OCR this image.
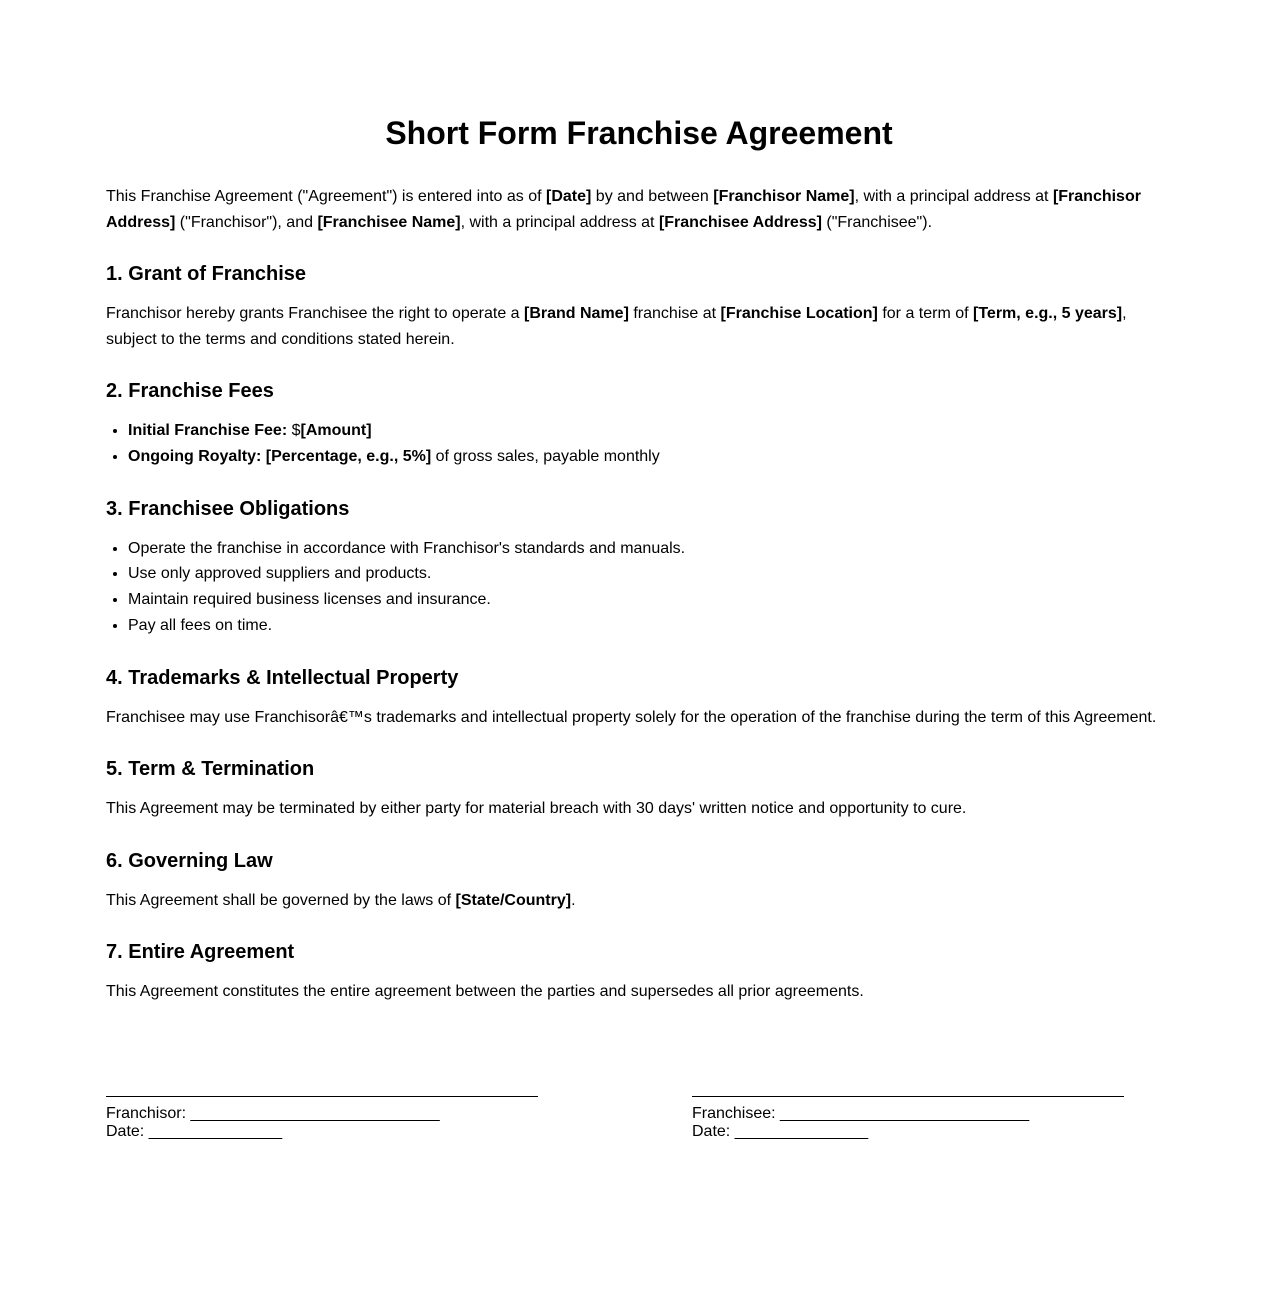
Short Form Franchise Agreement

This Franchise Agreement ("Agreement") is entered into as of [Date] by and between [Franchisor Name], with a principal address at [Franchisor Address] ("Franchisor"), and [Franchisee Name], with a principal address at [Franchisee Address] ("Franchisee").

1. Grant of Franchise

Franchisor hereby grants Franchisee the right to operate a [Brand Name] franchise at [Franchise Location] for a term of [Term, e.g., 5 years], subject to the terms and conditions stated herein.

2. Franchise Fees
• Initial Franchise Fee: $[Amount]
• Ongoing Royalty: [Percentage, e.g., 5%] of gross sales, payable monthly
3. Franchisee Obligations
• Operate the franchise in accordance with Franchisor's standards and manuals.
• Use only approved suppliers and products.
• Maintain required business licenses and insurance.
• Pay all fees on time.
4. Trademarks & Intellectual Property

Franchisee may use Franchisorâ€™s trademarks and intellectual property solely for the operation of the franchise during the term of this Agreement.

5. Term & Termination

This Agreement may be terminated by either party for material breach with 30 days' written notice and opportunity to cure.

6. Governing Law

This Agreement shall be governed by the laws of [State/Country].

7. Entire Agreement

This Agreement constitutes the entire agreement between the parties and supersedes all prior agreements.

Franchisor: ____________________________
Date: _______________
Franchisee: ____________________________
Date: _______________
